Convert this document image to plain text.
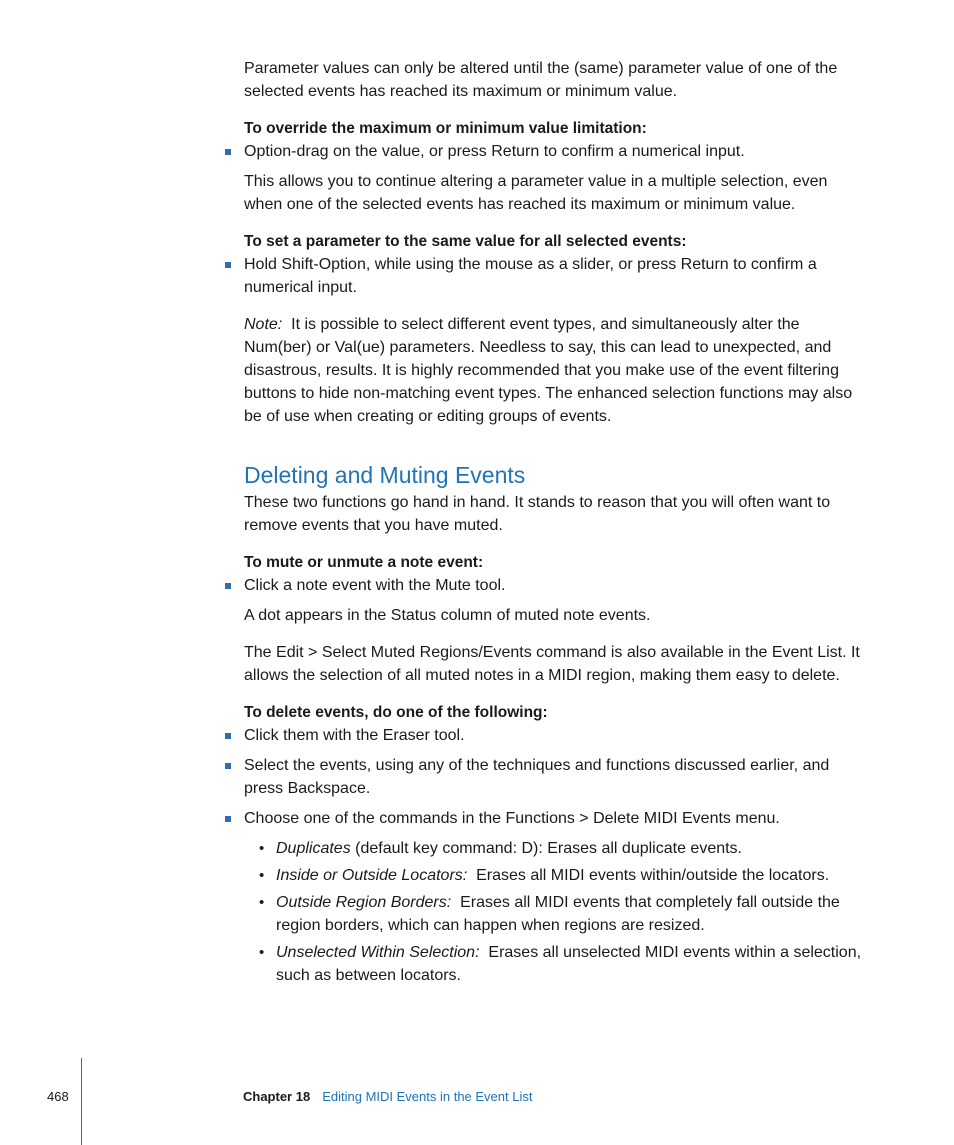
Parameter values can only be altered until the (same) parameter value of one of the selected events has reached its maximum or minimum value.

To override the maximum or minimum value limitation:

Option-drag on the value, or press Return to confirm a numerical input.

This allows you to continue altering a parameter value in a multiple selection, even when one of the selected events has reached its maximum or minimum value.

To set a parameter to the same value for all selected events:

Hold Shift-Option, while using the mouse as a slider, or press Return to confirm a numerical input.

Note: It is possible to select different event types, and simultaneously alter the Num(ber) or Val(ue) parameters. Needless to say, this can lead to unexpected, and disastrous, results. It is highly recommended that you make use of the event filtering buttons to hide non-matching event types. The enhanced selection functions may also be of use when creating or editing groups of events.

Deleting and Muting Events

These two functions go hand in hand. It stands to reason that you will often want to remove events that you have muted.

To mute or unmute a note event:

Click a note event with the Mute tool.

A dot appears in the Status column of muted note events.

The Edit > Select Muted Regions/Events command is also available in the Event List. It allows the selection of all muted notes in a MIDI region, making them easy to delete.

To delete events, do one of the following:

Click them with the Eraser tool.

Select the events, using any of the techniques and functions discussed earlier, and press Backspace.

Choose one of the commands in the Functions > Delete MIDI Events menu.

• Duplicates (default key command: D): Erases all duplicate events.

• Inside or Outside Locators: Erases all MIDI events within/outside the locators.

• Outside Region Borders: Erases all MIDI events that completely fall outside the region borders, which can happen when regions are resized.

• Unselected Within Selection: Erases all unselected MIDI events within a selection, such as between locators.

468	Chapter 18 Editing MIDI Events in the Event List
